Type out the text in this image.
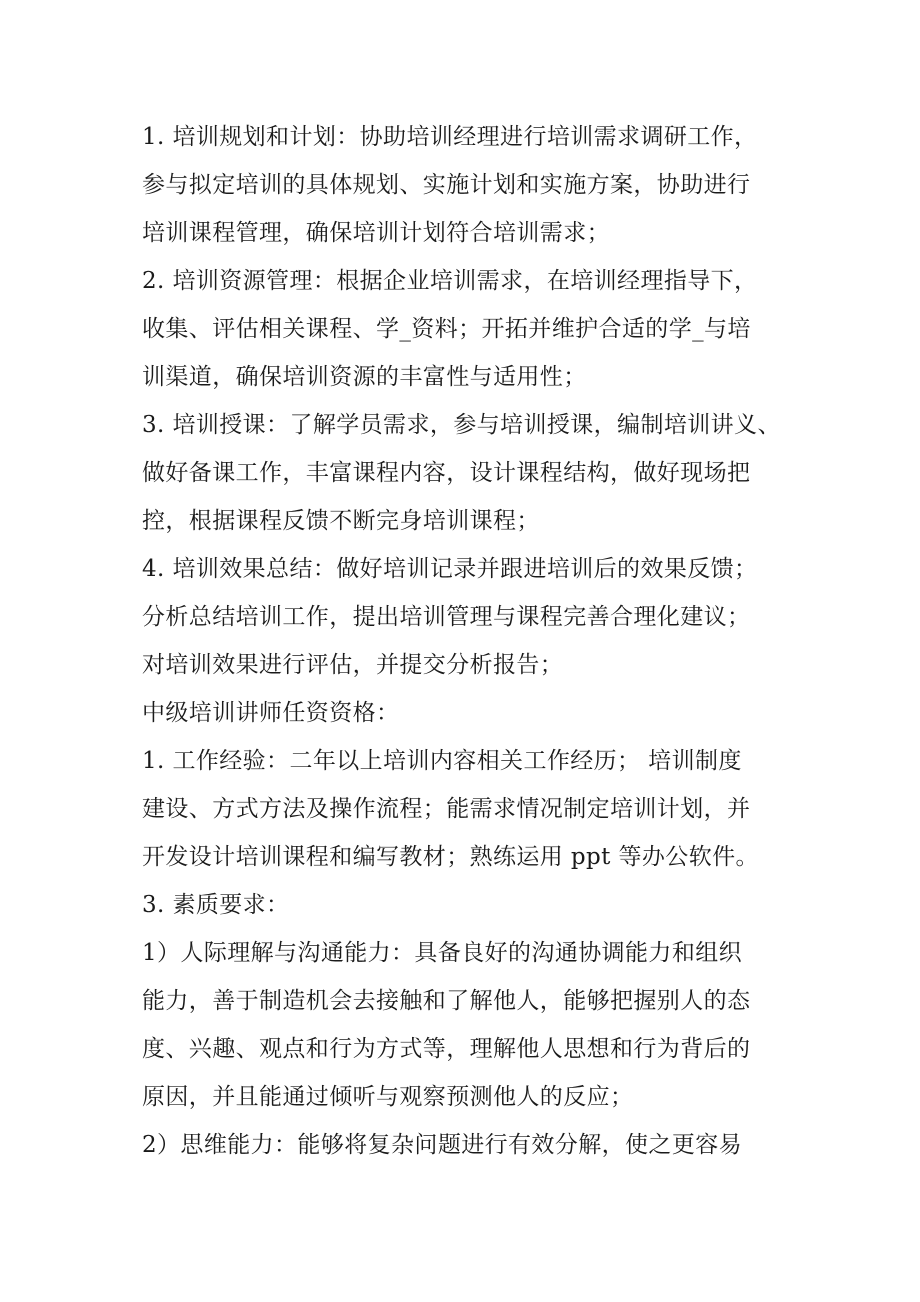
1. 培训规划和计划：协助培训经理进行培训需求调研工作，
参与拟定培训的具体规划、实施计划和实施方案，协助进行
培训课程管理，确保培训计划符合培训需求；
2. 培训资源管理：根据企业培训需求，在培训经理指导下，
收集、评估相关课程、学_资料；开拓并维护合适的学_与培
训渠道，确保培训资源的丰富性与适用性；
3. 培训授课：了解学员需求，参与培训授课，编制培训讲义、
做好备课工作，丰富课程内容，设计课程结构，做好现场把
控，根据课程反馈不断完身培训课程；
4. 培训效果总结：做好培训记录并跟进培训后的效果反馈；
分析总结培训工作，提出培训管理与课程完善合理化建议；
对培训效果进行评估，并提交分析报告；
中级培训讲师任资资格：
1. 工作经验：二年以上培训内容相关工作经历； 培训制度
建设、方式方法及操作流程；能需求情况制定培训计划，并
开发设计培训课程和编写教材；熟练运用 ppt 等办公软件。
3. 素质要求：
1）人际理解与沟通能力：具备良好的沟通协调能力和组织
能力，善于制造机会去接触和了解他人，能够把握别人的态
度、兴趣、观点和行为方式等，理解他人思想和行为背后的
原因，并且能通过倾听与观察预测他人的反应；
2）思维能力：能够将复杂问题进行有效分解，使之更容易
